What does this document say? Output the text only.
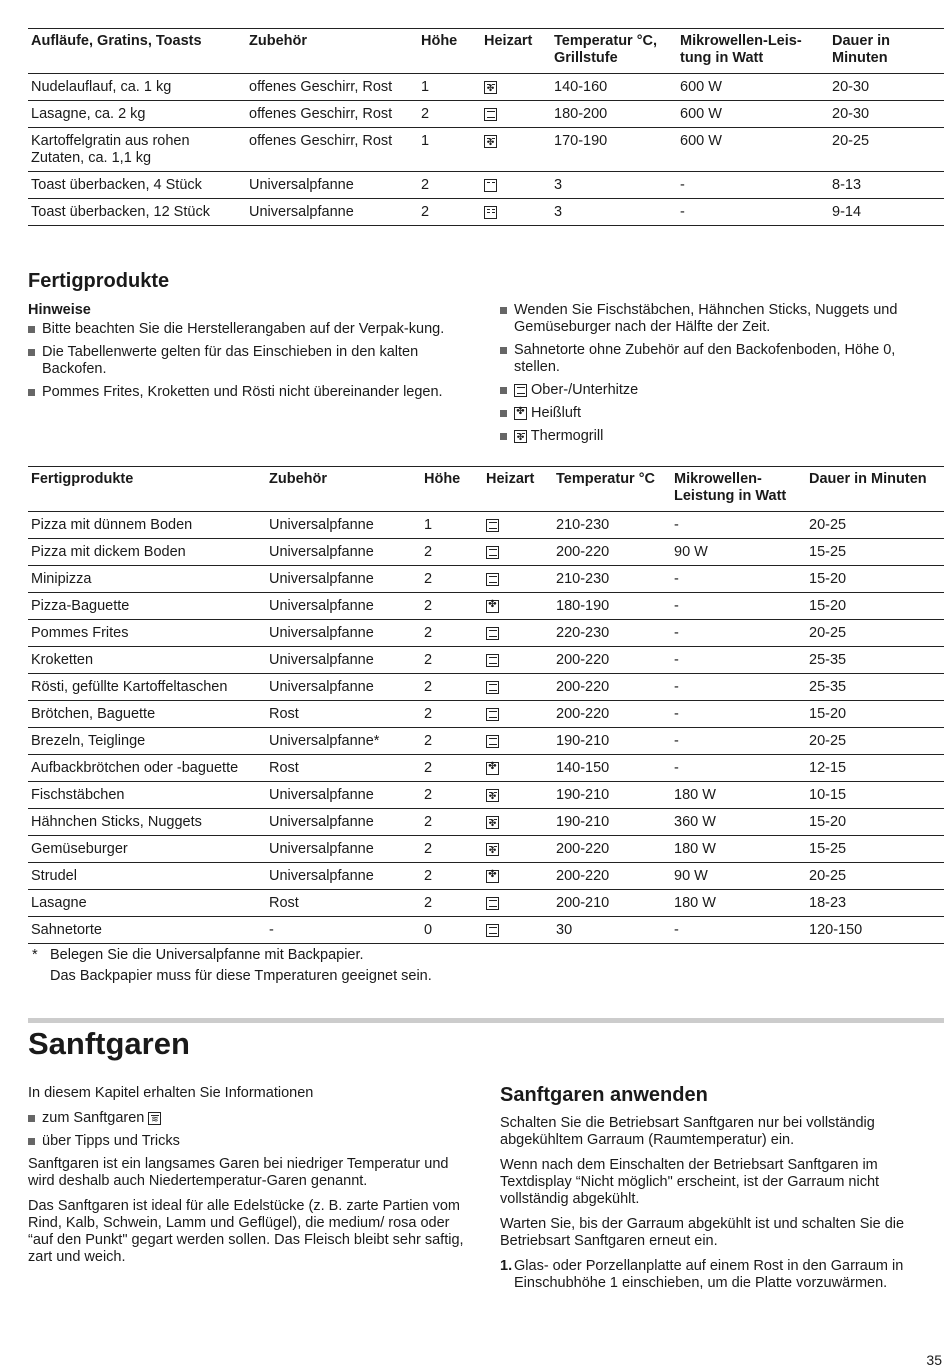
Aufläufe, Gratins, Toasts	Zubehör	Höhe	Heizart	Temperatur °C, Grillstufe	Mikrowellen-Leis-tung in Watt	Dauer in Minuten
Nudelauflauf, ca. 1 kg	offenes Geschirr, Rost	1	✤	140-160	600 W	20-30
Lasagne, ca. 2 kg	offenes Geschirr, Rost	2		180-200	600 W	20-30
Kartoffelgratin aus rohen Zutaten, ca. 1,1 kg	offenes Geschirr, Rost	1	✤	170-190	600 W	20-25
Toast überbacken, 4 Stück	Universalpfanne	2		3	-	8-13
Toast überbacken, 12 Stück	Universalpfanne	2		3	-	9-14
Fertigprodukte
Hinweise
Bitte beachten Sie die Herstellerangaben auf der Verpak-kung.
Die Tabellenwerte gelten für das Einschieben in den kalten Backofen.
Pommes Frites, Kroketten und Rösti nicht übereinander legen.
Wenden Sie Fischstäbchen, Hähnchen Sticks, Nuggets und Gemüseburger nach der Hälfte der Zeit.
Sahnetorte ohne Zubehör auf den Backofenboden, Höhe 0, stellen.
Ober-/Unterhitze
✤ Heißluft
✤ Thermogrill
Fertigprodukte	Zubehör	Höhe	Heizart	Temperatur °C	Mikrowellen-Leistung in Watt	Dauer in Minuten
Pizza mit dünnem Boden	Universalpfanne	1		210-230	-	20-25
Pizza mit dickem Boden	Universalpfanne	2		200-220	90 W	15-25
Minipizza	Universalpfanne	2		210-230	-	15-20
Pizza-Baguette	Universalpfanne	2	✤	180-190	-	15-20
Pommes Frites	Universalpfanne	2		220-230	-	20-25
Kroketten	Universalpfanne	2		200-220	-	25-35
Rösti, gefüllte Kartoffeltaschen	Universalpfanne	2		200-220	-	25-35
Brötchen, Baguette	Rost	2		200-220	-	15-20
Brezeln, Teiglinge	Universalpfanne*	2		190-210	-	20-25
Aufbackbrötchen oder -baguette	Rost	2	✤	140-150	-	12-15
Fischstäbchen	Universalpfanne	2	✤	190-210	180 W	10-15
Hähnchen Sticks, Nuggets	Universalpfanne	2	✤	190-210	360 W	15-20
Gemüseburger	Universalpfanne	2	✤	200-220	180 W	15-25
Strudel	Universalpfanne	2	✤	200-220	90 W	20-25
Lasagne	Rost	2		200-210	180 W	18-23
Sahnetorte	-	0		30	-	120-150
* Belegen Sie die Universalpfanne mit Backpapier.
Das Backpapier muss für diese Tmperaturen geeignet sein.
Sanftgaren

In diesem Kapitel erhalten Sie Informationen

zum Sanftgaren ≋
über Tipps und Tricks

Sanftgaren ist ein langsames Garen bei niedriger Temperatur und wird deshalb auch Niedertemperatur-Garen genannt.

Das Sanftgaren ist ideal für alle Edelstücke (z. B. zarte Partien vom Rind, Kalb, Schwein, Lamm und Geflügel), die medium/ rosa oder “auf den Punkt" gegart werden sollen. Das Fleisch bleibt sehr saftig, zart und weich.

Sanftgaren anwenden

Schalten Sie die Betriebsart Sanftgaren nur bei vollständig abgekühltem Garraum (Raumtemperatur) ein.

Wenn nach dem Einschalten der Betriebsart Sanftgaren im Textdisplay “Nicht möglich" erscheint, ist der Garraum nicht vollständig abgekühlt.

Warten Sie, bis der Garraum abgekühlt ist und schalten Sie die Betriebsart Sanftgaren erneut ein.

1. Glas- oder Porzellanplatte auf einem Rost in den Garraum in Einschubhöhe 1 einschieben, um die Platte vorzuwärmen.
35
